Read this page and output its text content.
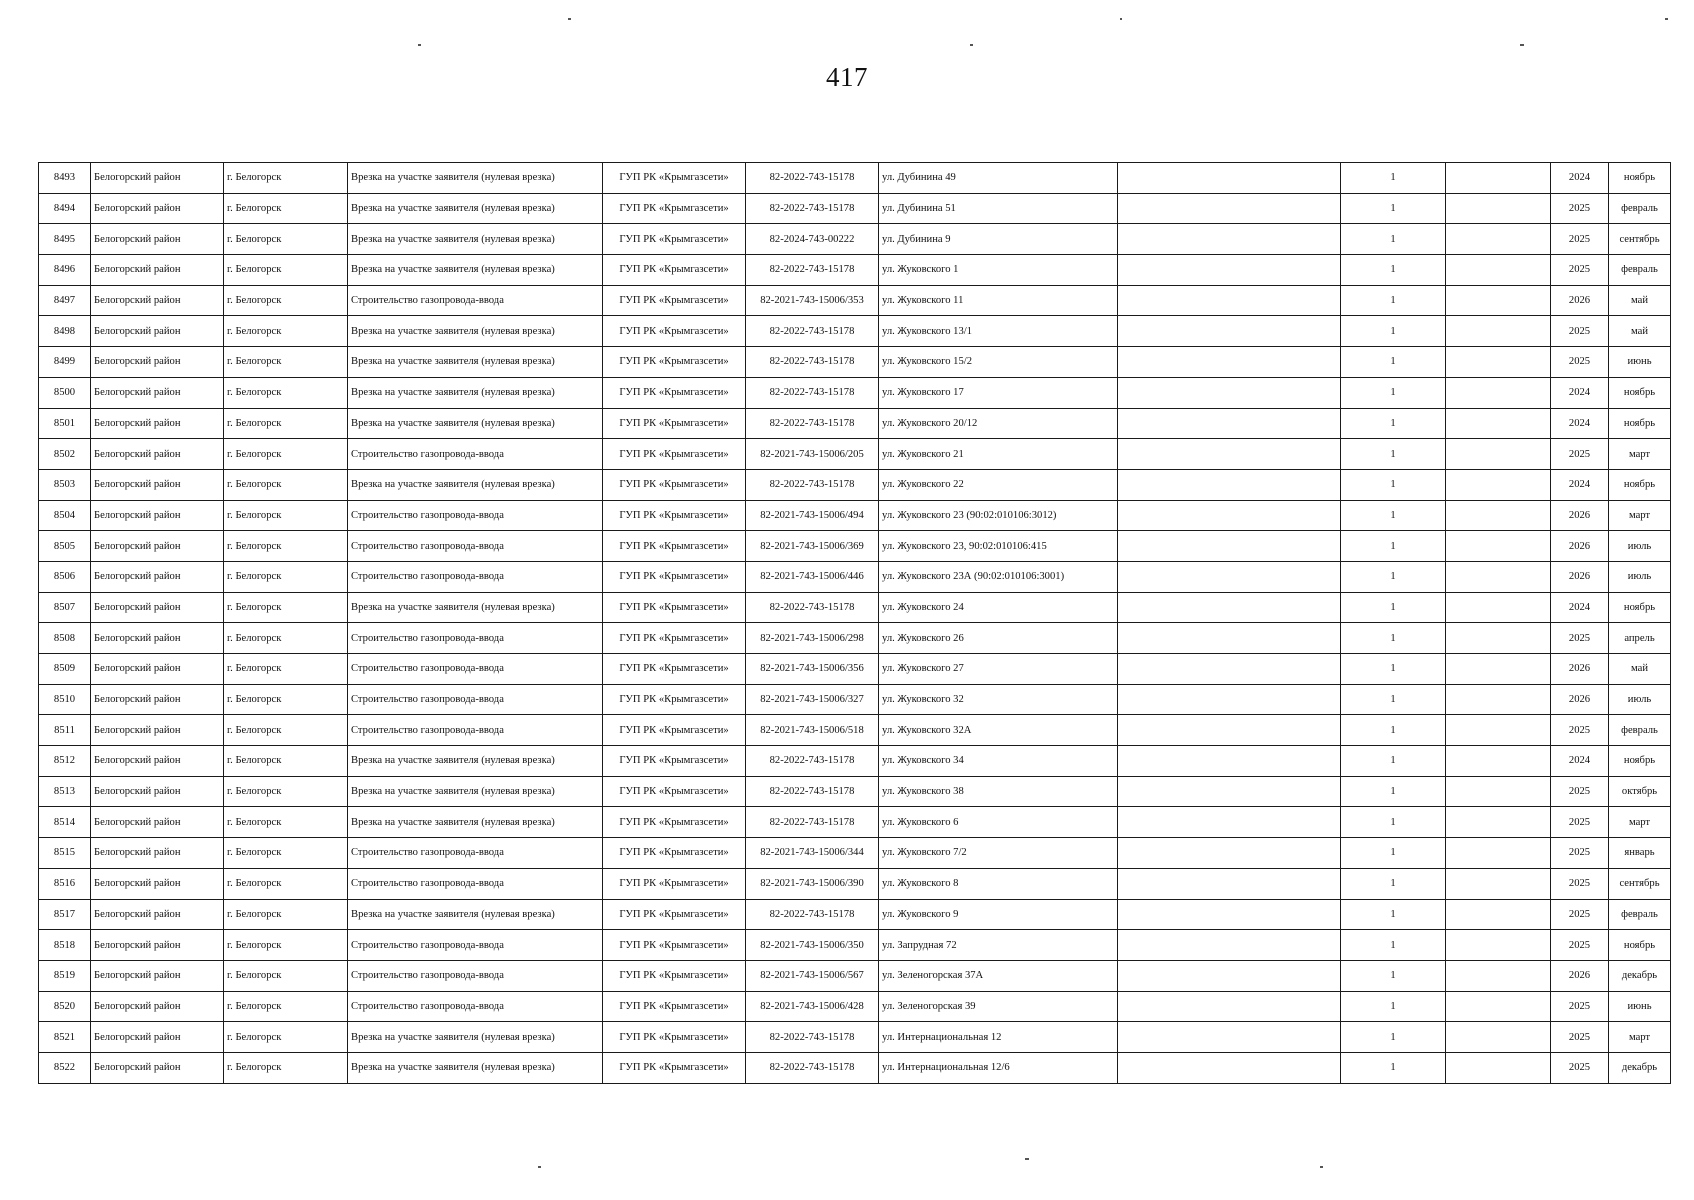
417
8493	Белогорский район	г. Белогорск	Врезка на участке заявителя (нулевая врезка)	ГУП РК «Крымгазсети»	82-2022-743-15178	ул. Дубинина 49		1		2024	ноябрь
8494	Белогорский район	г. Белогорск	Врезка на участке заявителя (нулевая врезка)	ГУП РК «Крымгазсети»	82-2022-743-15178	ул. Дубинина 51		1		2025	февраль
8495	Белогорский район	г. Белогорск	Врезка на участке заявителя (нулевая врезка)	ГУП РК «Крымгазсети»	82-2024-743-00222	ул. Дубинина 9		1		2025	сентябрь
8496	Белогорский район	г. Белогорск	Врезка на участке заявителя (нулевая врезка)	ГУП РК «Крымгазсети»	82-2022-743-15178	ул. Жуковского 1		1		2025	февраль
8497	Белогорский район	г. Белогорск	Строительство газопровода-ввода	ГУП РК «Крымгазсети»	82-2021-743-15006/353	ул. Жуковского 11		1		2026	май
8498	Белогорский район	г. Белогорск	Врезка на участке заявителя (нулевая врезка)	ГУП РК «Крымгазсети»	82-2022-743-15178	ул. Жуковского 13/1		1		2025	май
8499	Белогорский район	г. Белогорск	Врезка на участке заявителя (нулевая врезка)	ГУП РК «Крымгазсети»	82-2022-743-15178	ул. Жуковского 15/2		1		2025	июнь
8500	Белогорский район	г. Белогорск	Врезка на участке заявителя (нулевая врезка)	ГУП РК «Крымгазсети»	82-2022-743-15178	ул. Жуковского 17		1		2024	ноябрь
8501	Белогорский район	г. Белогорск	Врезка на участке заявителя (нулевая врезка)	ГУП РК «Крымгазсети»	82-2022-743-15178	ул. Жуковского 20/12		1		2024	ноябрь
8502	Белогорский район	г. Белогорск	Строительство газопровода-ввода	ГУП РК «Крымгазсети»	82-2021-743-15006/205	ул. Жуковского 21		1		2025	март
8503	Белогорский район	г. Белогорск	Врезка на участке заявителя (нулевая врезка)	ГУП РК «Крымгазсети»	82-2022-743-15178	ул. Жуковского 22		1		2024	ноябрь
8504	Белогорский район	г. Белогорск	Строительство газопровода-ввода	ГУП РК «Крымгазсети»	82-2021-743-15006/494	ул. Жуковского 23 (90:02:010106:3012)		1		2026	март
8505	Белогорский район	г. Белогорск	Строительство газопровода-ввода	ГУП РК «Крымгазсети»	82-2021-743-15006/369	ул. Жуковского 23, 90:02:010106:415		1		2026	июль
8506	Белогорский район	г. Белогорск	Строительство газопровода-ввода	ГУП РК «Крымгазсети»	82-2021-743-15006/446	ул. Жуковского 23А (90:02:010106:3001)		1		2026	июль
8507	Белогорский район	г. Белогорск	Врезка на участке заявителя (нулевая врезка)	ГУП РК «Крымгазсети»	82-2022-743-15178	ул. Жуковского 24		1		2024	ноябрь
8508	Белогорский район	г. Белогорск	Строительство газопровода-ввода	ГУП РК «Крымгазсети»	82-2021-743-15006/298	ул. Жуковского 26		1		2025	апрель
8509	Белогорский район	г. Белогорск	Строительство газопровода-ввода	ГУП РК «Крымгазсети»	82-2021-743-15006/356	ул. Жуковского 27		1		2026	май
8510	Белогорский район	г. Белогорск	Строительство газопровода-ввода	ГУП РК «Крымгазсети»	82-2021-743-15006/327	ул. Жуковского 32		1		2026	июль
8511	Белогорский район	г. Белогорск	Строительство газопровода-ввода	ГУП РК «Крымгазсети»	82-2021-743-15006/518	ул. Жуковского 32А		1		2025	февраль
8512	Белогорский район	г. Белогорск	Врезка на участке заявителя (нулевая врезка)	ГУП РК «Крымгазсети»	82-2022-743-15178	ул. Жуковского 34		1		2024	ноябрь
8513	Белогорский район	г. Белогорск	Врезка на участке заявителя (нулевая врезка)	ГУП РК «Крымгазсети»	82-2022-743-15178	ул. Жуковского 38		1		2025	октябрь
8514	Белогорский район	г. Белогорск	Врезка на участке заявителя (нулевая врезка)	ГУП РК «Крымгазсети»	82-2022-743-15178	ул. Жуковского 6		1		2025	март
8515	Белогорский район	г. Белогорск	Строительство газопровода-ввода	ГУП РК «Крымгазсети»	82-2021-743-15006/344	ул. Жуковского 7/2		1		2025	январь
8516	Белогорский район	г. Белогорск	Строительство газопровода-ввода	ГУП РК «Крымгазсети»	82-2021-743-15006/390	ул. Жуковского 8		1		2025	сентябрь
8517	Белогорский район	г. Белогорск	Врезка на участке заявителя (нулевая врезка)	ГУП РК «Крымгазсети»	82-2022-743-15178	ул. Жуковского 9		1		2025	февраль
8518	Белогорский район	г. Белогорск	Строительство газопровода-ввода	ГУП РК «Крымгазсети»	82-2021-743-15006/350	ул. Запрудная 72		1		2025	ноябрь
8519	Белогорский район	г. Белогорск	Строительство газопровода-ввода	ГУП РК «Крымгазсети»	82-2021-743-15006/567	ул. Зеленогорская 37А		1		2026	декабрь
8520	Белогорский район	г. Белогорск	Строительство газопровода-ввода	ГУП РК «Крымгазсети»	82-2021-743-15006/428	ул. Зеленогорская 39		1		2025	июнь
8521	Белогорский район	г. Белогорск	Врезка на участке заявителя (нулевая врезка)	ГУП РК «Крымгазсети»	82-2022-743-15178	ул. Интернациональная 12		1		2025	март
8522	Белогорский район	г. Белогорск	Врезка на участке заявителя (нулевая врезка)	ГУП РК «Крымгазсети»	82-2022-743-15178	ул. Интернациональная 12/6		1		2025	декабрь
